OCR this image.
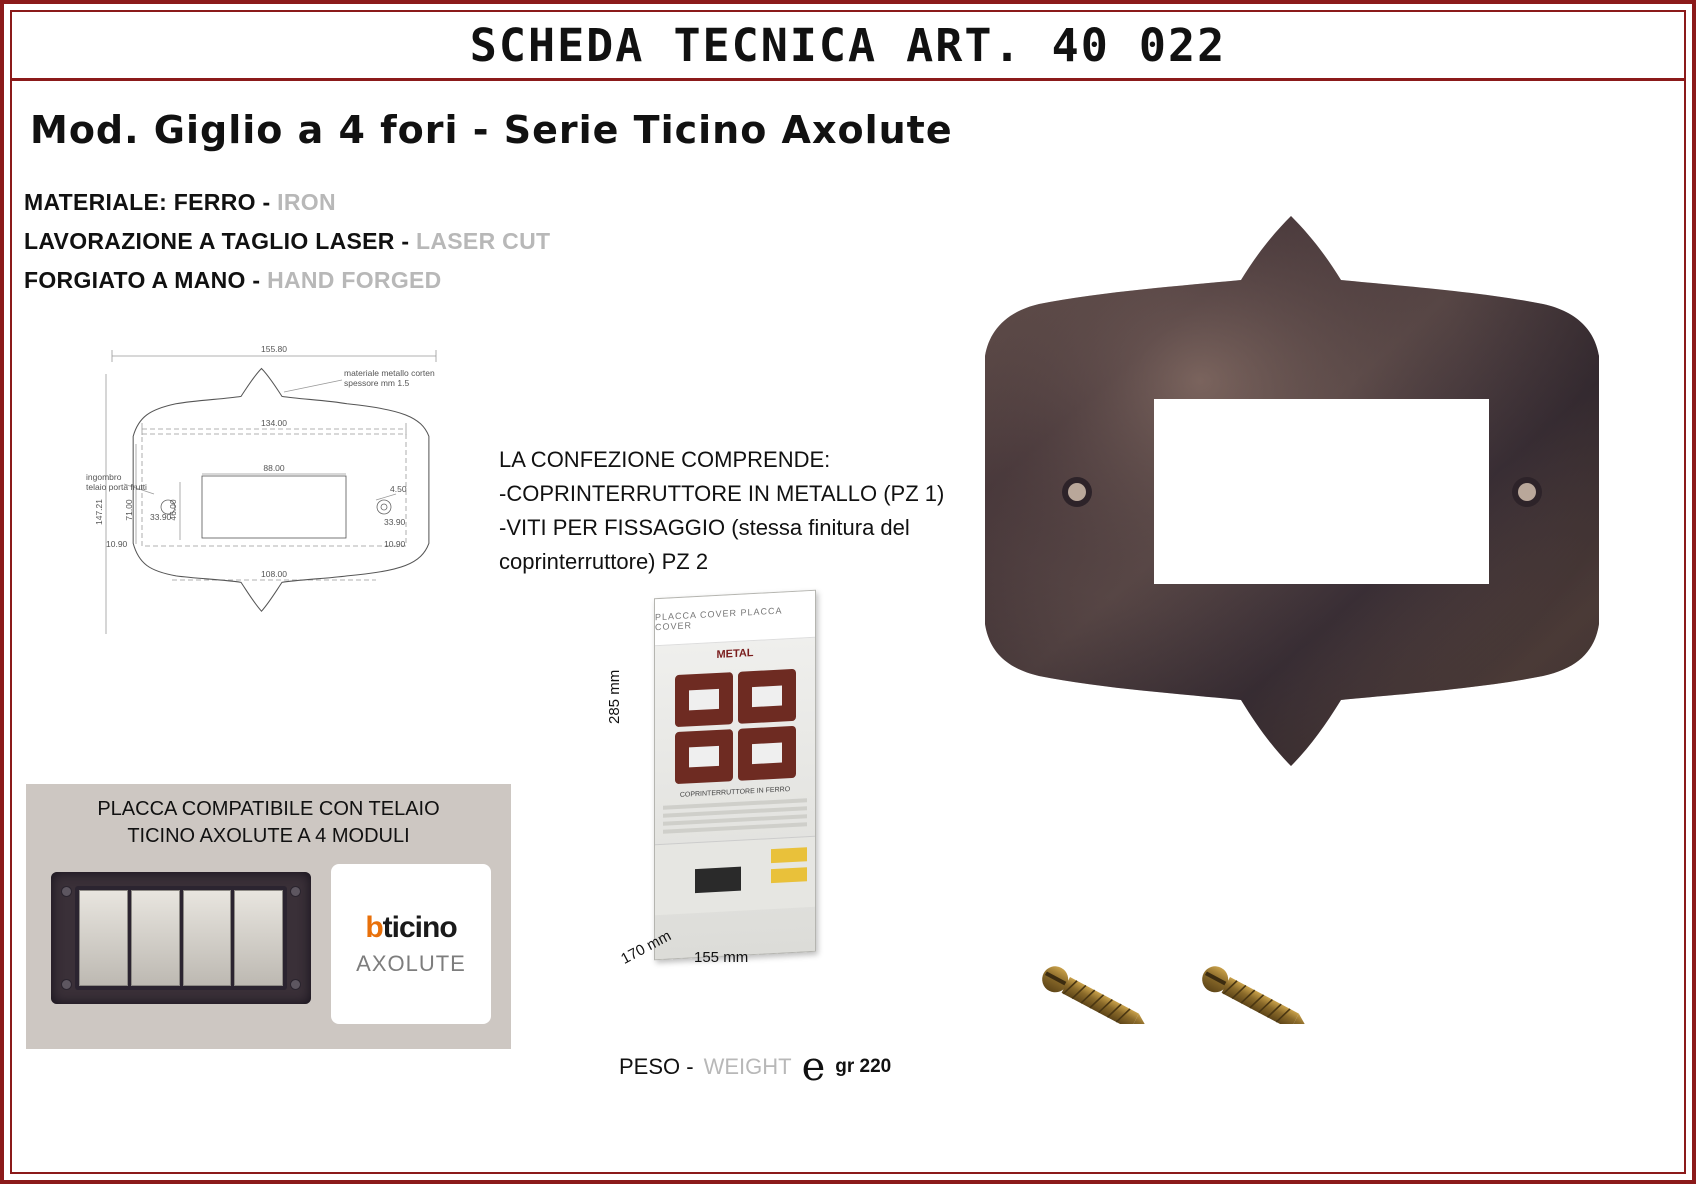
SCHEDA TECNICA ART. 40 022
Mod. Giglio a 4 fori - Serie Ticino Axolute
MATERIALE: FERRO - IRON
LAVORAZIONE A TAGLIO LASER - LASER CUT
FORGIATO A MANO - HAND FORGED
155.80
134.00
88.00
108.00
147.21 71.00	46.00
33.90	33.90
10.90	10.90
4.50
materiale metallo corten
spessore mm 1.5
ingombro
telaio porta frutti
LA CONFEZIONE COMPRENDE:
-COPRINTERRUTTORE IN METALLO (PZ 1)
-VITI PER FISSAGGIO (stessa finitura del
coprinterruttore) PZ 2
PLACCA COMPATIBILE CON TELAIO
TICINO AXOLUTE A 4 MODULI
bticino
AXOLUTE
PLACCA COVER PLACCA COVER
METAL
COPRINTERRUTTORE IN FERRO
285 mm
155 mm
170 mm
PESO - WEIGHT e gr 220
